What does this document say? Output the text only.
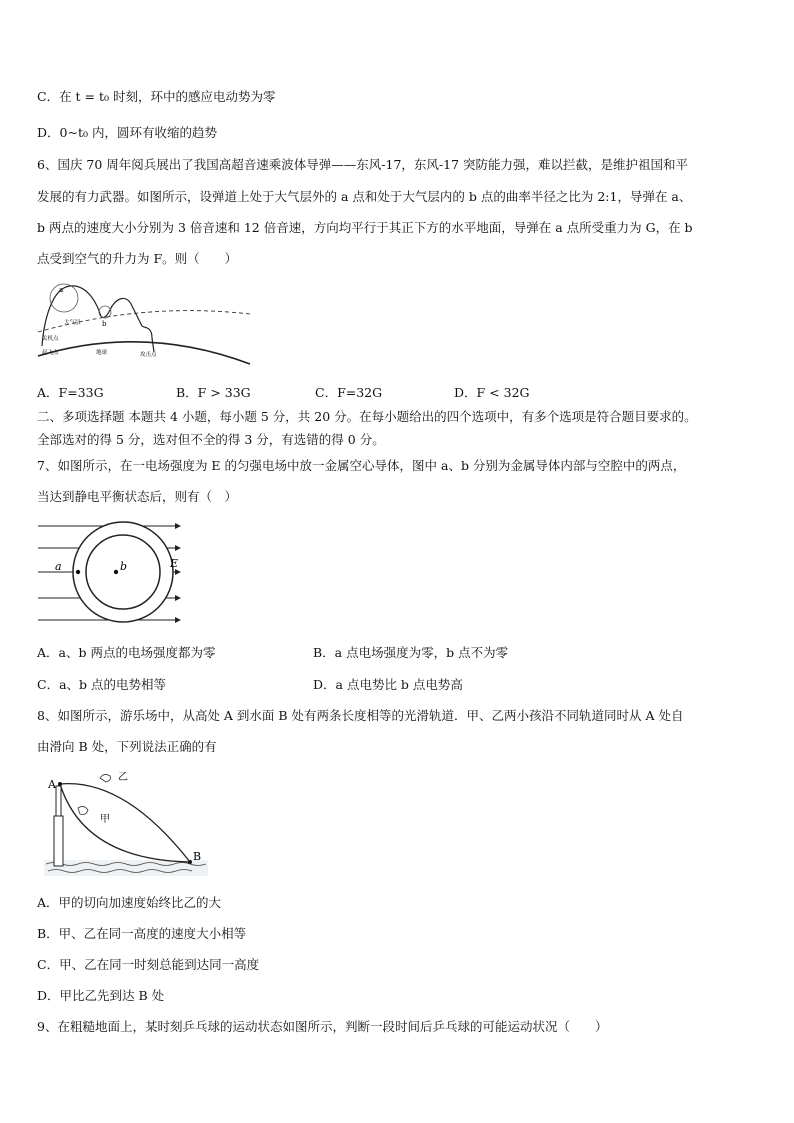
C．在 t = t₀ 时刻，环中的感应电动势为零
D．0~t₀ 内，圆环有收缩的趋势
6、国庆 70 周年阅兵展出了我国高超音速乘波体导弹——东风-17，东风-17 突防能力强，难以拦截，是维护祖国和平
发展的有力武器。如图所示，设弹道上处于大气层外的 a 点和处于大气层内的 b 点的曲率半径之比为 2:1，导弹在 a、
b 两点的速度大小分别为 3 倍音速和 12 倍音速，方向均平行于其正下方的水平地面，导弹在 a 点所受重力为 G，在 b
点受到空气的升力为 F。则（　　）
a
b
大气层
关机点
起飞点	地球	攻击点
A．F=33G	B．F > 33G	C．F=32G	D．F < 32G
二、多项选择题 本题共 4 小题，每小题 5 分，共 20 分。在每小题给出的四个选项中，有多个选项是符合题目要求的。
全部选对的得 5 分，选对但不全的得 3 分，有选错的得 0 分。
7、如图所示，在一电场强度为 E 的匀强电场中放一金属空心导体，图中 a、b 分别为金属导体内部与空腔中的两点，
当达到静电平衡状态后，则有（　）
a	b	E
A．a、b 两点的电场强度都为零	B．a 点电场强度为零，b 点不为零
C．a、b 点的电势相等	D．a 点电势比 b 点电势高
8、如图所示，游乐场中，从高处 A 到水面 B 处有两条长度相等的光滑轨道．甲、乙两小孩沿不同轨道同时从 A 处自
由滑向 B 处，下列说法正确的有
A
B
甲
乙
A．甲的切向加速度始终比乙的大
B．甲、乙在同一高度的速度大小相等
C．甲、乙在同一时刻总能到达同一高度
D．甲比乙先到达 B 处
9、在粗糙地面上，某时刻乒乓球的运动状态如图所示，判断一段时间后乒乓球的可能运动状况（　　）
